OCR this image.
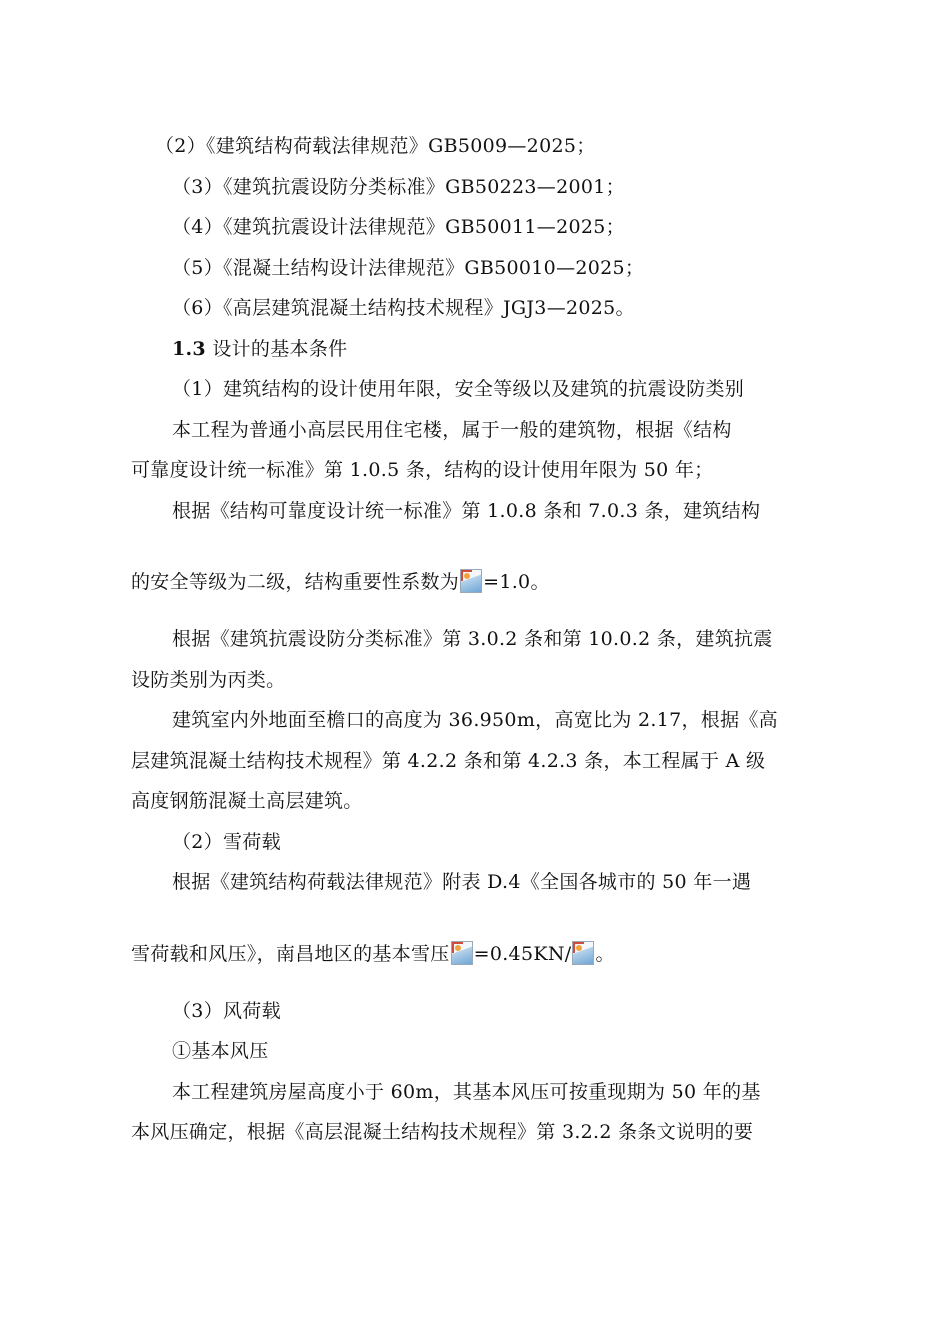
（2）《建筑结构荷载法律规范》GB5009—2025；
（3）《建筑抗震设防分类标准》GB50223—2001；
（4）《建筑抗震设计法律规范》GB50011—2025；
（5）《混凝土结构设计法律规范》GB50010—2025；
（6）《高层建筑混凝土结构技术规程》JGJ3—2025。
1.3 设计的基本条件
（1）建筑结构的设计使用年限，安全等级以及建筑的抗震设防类别
本工程为普通小高层民用住宅楼，属于一般的建筑物，根据《结构
可靠度设计统一标准》第 1.0.5 条，结构的设计使用年限为 50 年；
根据《结构可靠度设计统一标准》第 1.0.8 条和 7.0.3 条，建筑结构
的安全等级为二级，结构重要性系数为 =1.0。
根据《建筑抗震设防分类标准》第 3.0.2 条和第 10.0.2 条，建筑抗震
设防类别为丙类。
建筑室内外地面至檐口的高度为 36.950m，高宽比为 2.17，根据《高
层建筑混凝土结构技术规程》第 4.2.2 条和第 4.2.3 条，本工程属于 A 级
高度钢筋混凝土高层建筑。
（2）雪荷载
根据《建筑结构荷载法律规范》附表 D.4《全国各城市的 50 年一遇
雪荷载和风压》，南昌地区的基本雪压 =0.45KN/ 。
（3）风荷载
①基本风压
本工程建筑房屋高度小于 60m，其基本风压可按重现期为 50 年的基
本风压确定，根据《高层混凝土结构技术规程》第 3.2.2 条条文说明的要
